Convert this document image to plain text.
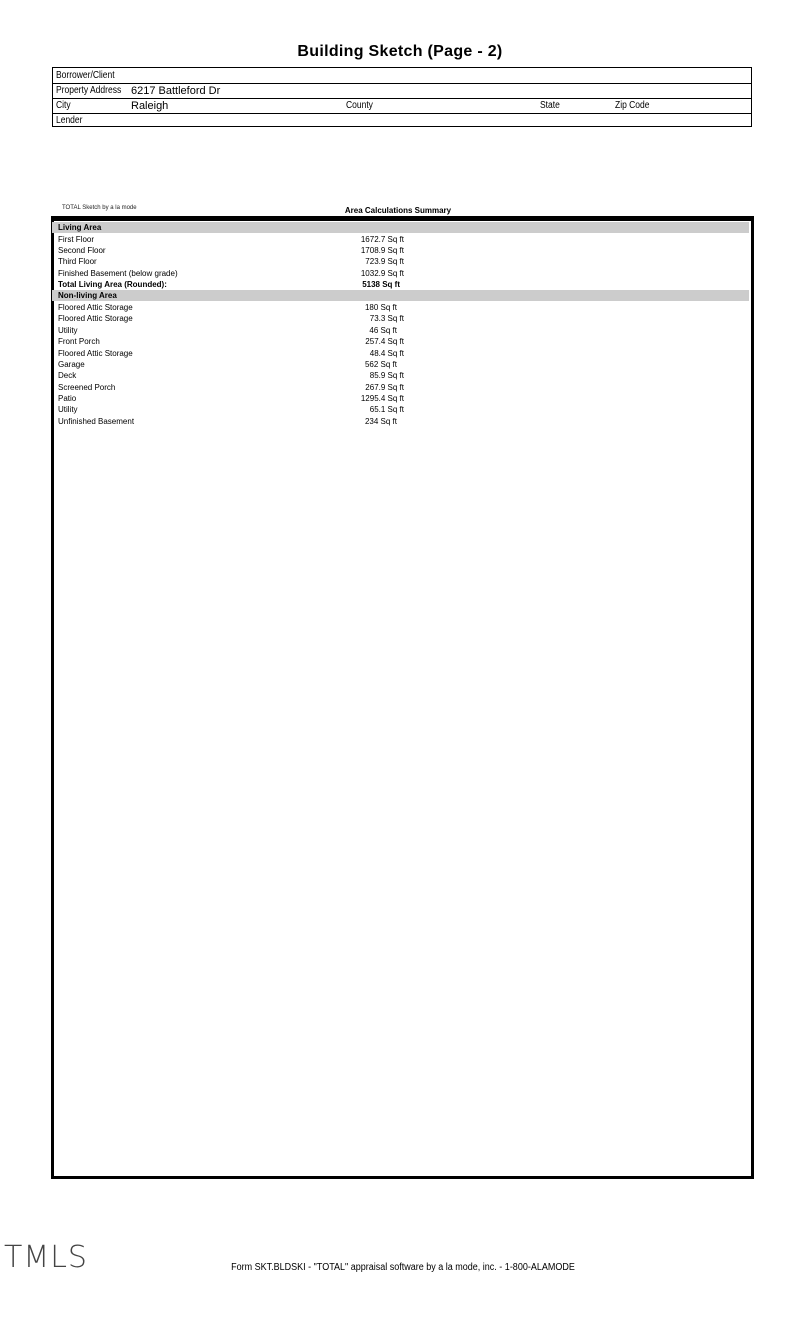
Building Sketch (Page - 2)
Borrower/Client
Property Address 6217 Battleford Dr
City	Raleigh	County	State	Zip Code
Lender
TOTAL Sketch by a la mode	Area Calculations Summary
Living Area
First Floor	1672.7 Sq ft
Second Floor	1708.9 Sq ft
Third Floor	723.9 Sq ft
Finished Basement (below grade)	1032.9 Sq ft
Total Living Area (Rounded):	5138 Sq ft
Non-living Area
Floored Attic Storage	180 Sq ft
Floored Attic Storage	73.3 Sq ft
Utility	46 Sq ft
Front Porch	257.4 Sq ft
Floored Attic Storage	48.4 Sq ft
Garage	562 Sq ft
Deck	85.9 Sq ft
Screened Porch	267.9 Sq ft
Patio	1295.4 Sq ft
Utility	65.1 Sq ft
Unfinished Basement	234 Sq ft
TMLS	Form SKT.BLDSKI - "TOTAL" appraisal software by a la mode, inc. - 1-800-ALAMODE
